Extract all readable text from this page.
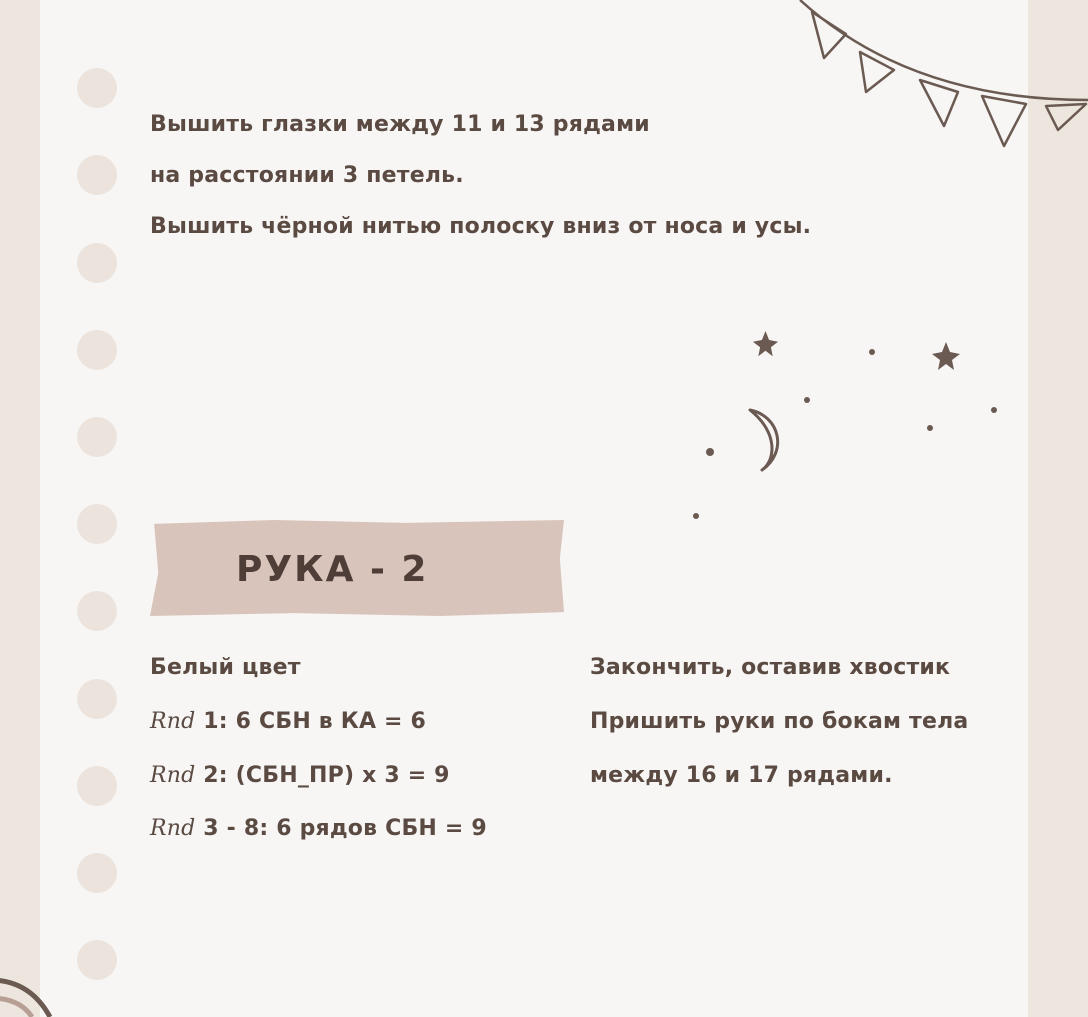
Вышить глазки между 11 и 13 рядами

на расстоянии 3 петель.

Вышить чёрной нитью полоску вниз от носа и усы.

РУКА - 2

Белый цвет

Rnd 1: 6 СБН в КА = 6

Rnd 2: (СБН_ПР) х 3 = 9

Rnd 3 - 8: 6 рядов СБН = 9

Закончить, оставив хвостик

Пришить руки по бокам тела

между 16 и 17 рядами.
